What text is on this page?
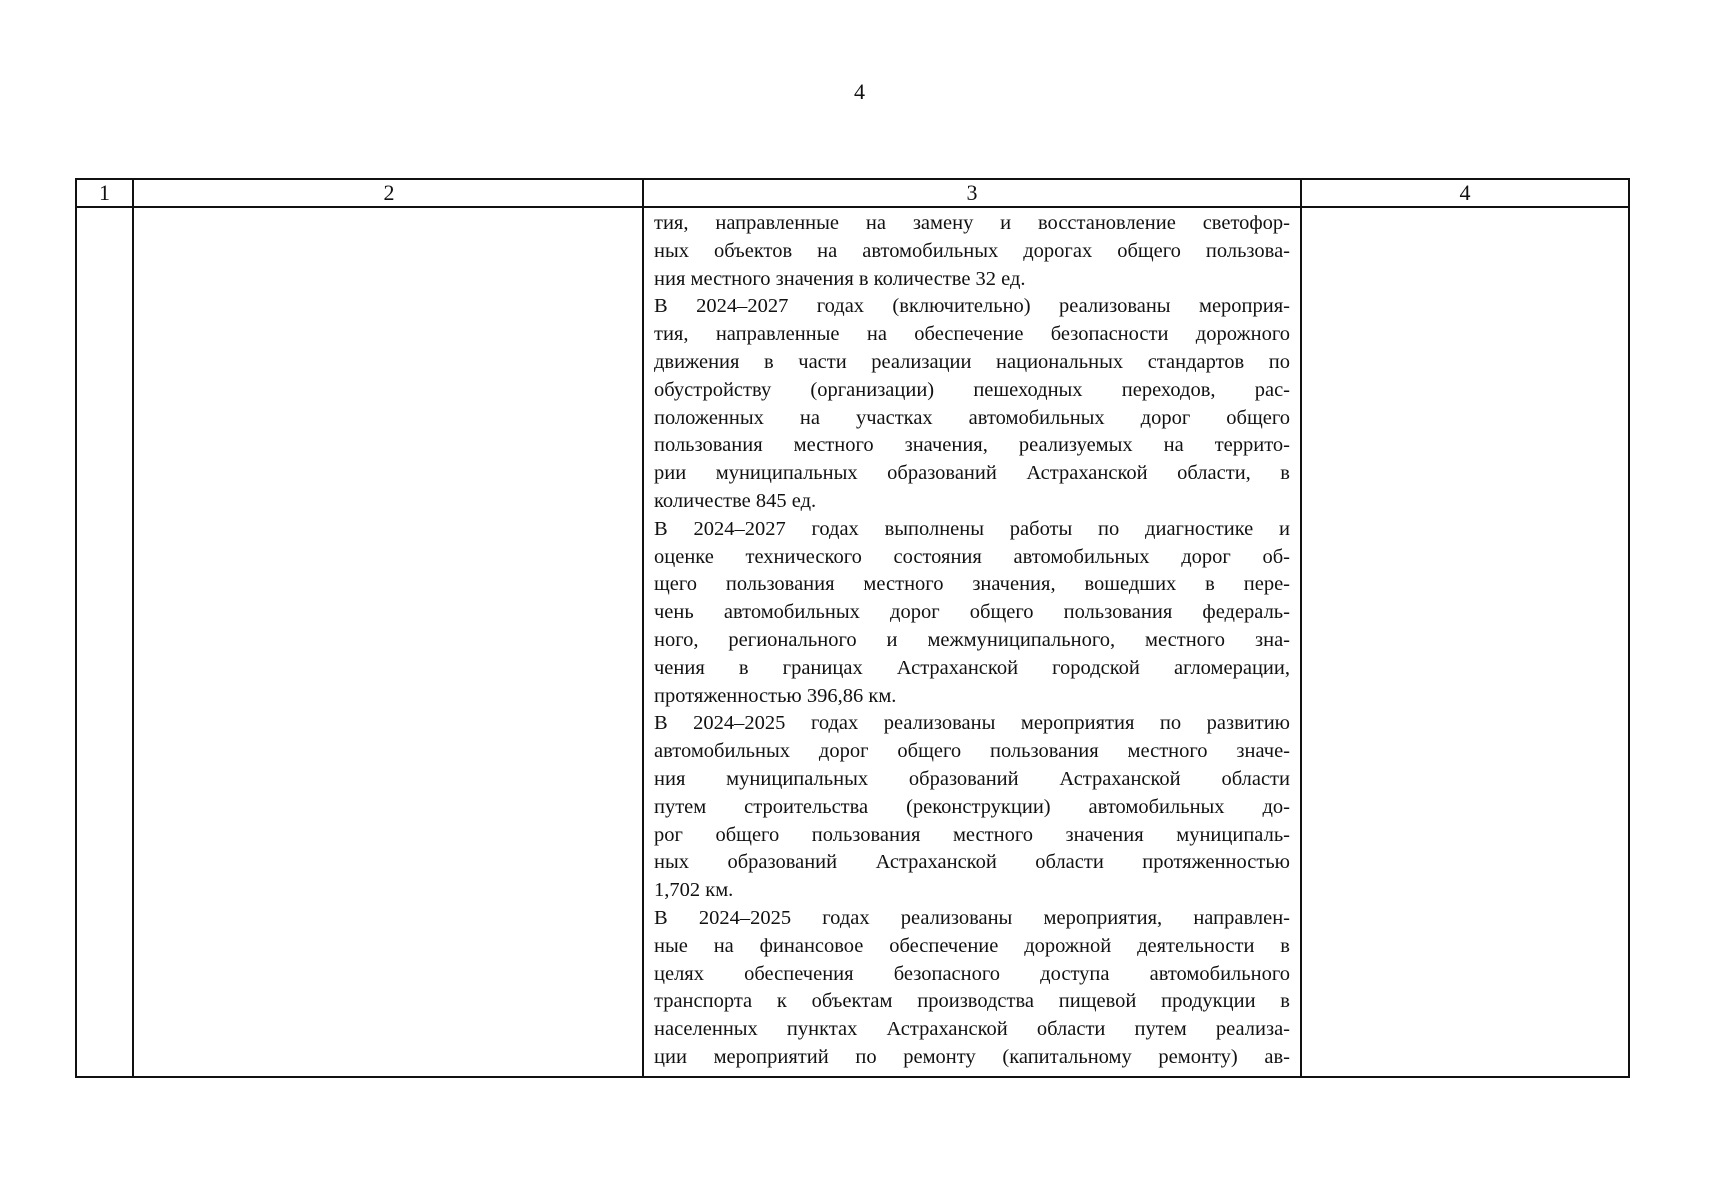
4
1	2	3	4
тия, направленные на замену и восстановление светофор-
ных объектов на автомобильных дорогах общего пользова-
ния местного значения в количестве 32 ед.
В 2024–2027 годах (включительно) реализованы мероприя-
тия, направленные на обеспечение безопасности дорожного
движения в части реализации национальных стандартов по
обустройству (организации) пешеходных переходов, рас-
положенных на участках автомобильных дорог общего
пользования местного значения, реализуемых на террито-
рии муниципальных образований Астраханской области, в
количестве 845 ед.
В 2024–2027 годах выполнены работы по диагностике и
оценке технического состояния автомобильных дорог об-
щего пользования местного значения, вошедших в пере-
чень автомобильных дорог общего пользования федераль-
ного, регионального и межмуниципального, местного зна-
чения в границах Астраханской городской агломерации,
протяженностью 396,86 км.
В 2024–2025 годах реализованы мероприятия по развитию
автомобильных дорог общего пользования местного значе-
ния муниципальных образований Астраханской области
путем строительства (реконструкции) автомобильных до-
рог общего пользования местного значения муниципаль-
ных образований Астраханской области протяженностью
1,702 км.
В 2024–2025 годах реализованы мероприятия, направлен-
ные на финансовое обеспечение дорожной деятельности в
целях обеспечения безопасного доступа автомобильного
транспорта к объектам производства пищевой продукции в
населенных пунктах Астраханской области путем реализа-
ции мероприятий по ремонту (капитальному ремонту) ав-
